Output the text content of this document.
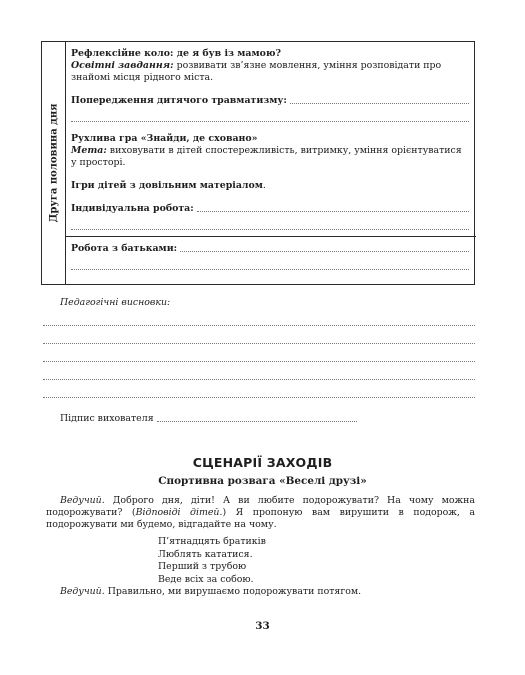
Друга половина дня

Рефлексійне коло: де я був із мамою?

Освітні завдання: розвивати зв’язне мовлення, уміння розповідати про знайомі місця рідного міста.

Попередження дитячого травматизму:

Рухлива гра «Знайди, де сховано»

Мета: виховувати в дітей спостережливість, витримку, уміння орієнтуватися у просторі.

Ігри дітей з довільним матеріалом.

Індивідуальна робота:
Робота з батьками:
Педагогічні висновки:
Підпис вихователя
СЦЕНАРІЇ ЗАХОДІВ
Спортивна розвага «Веселі друзі»

Ведучий. Доброго дня, діти! А ви любите подорожувати? На чому можна подорожувати? (Відповіді дітей.) Я пропоную вам вирушити в подорож, а подорожувати ми будемо, відгадайте на чому.

П’ятнадцять братиків
Люблять кататися.
Перший з трубою
Веде всіх за собою.
Ведучий. Правильно, ми вирушаємо подорожувати потягом.
33
